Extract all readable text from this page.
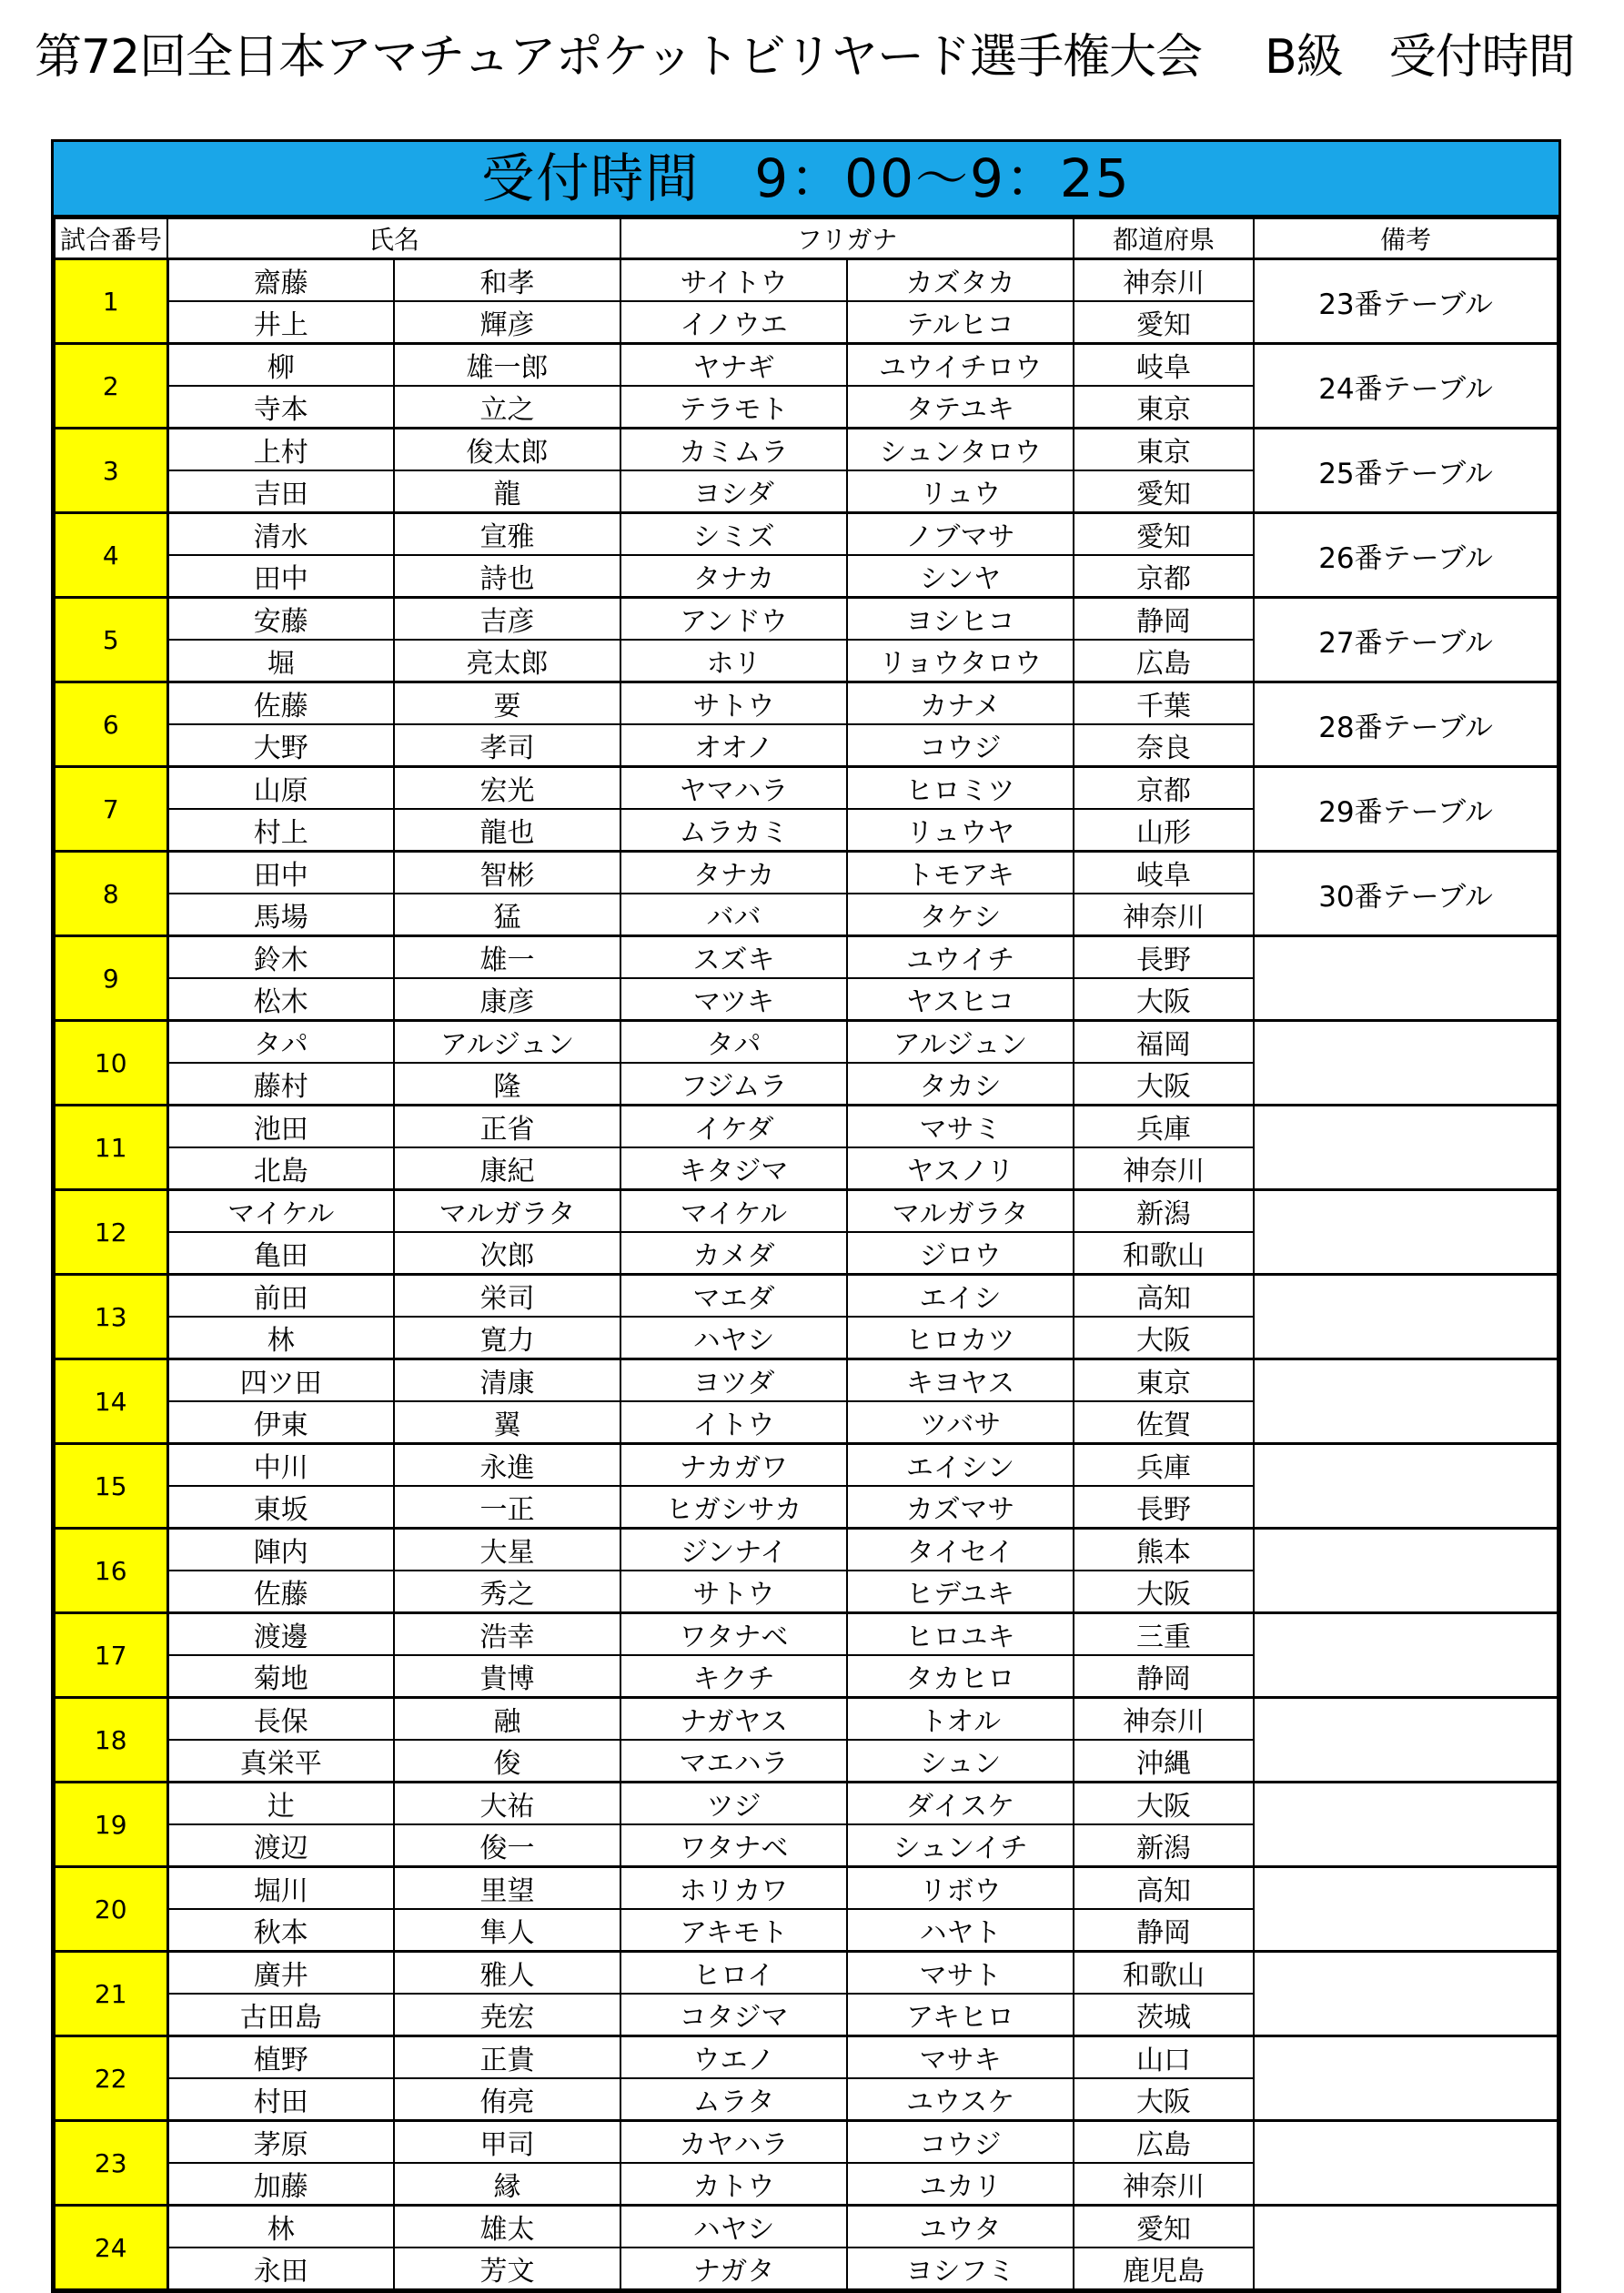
第72回全日本アマチュアポケットビリヤード選手権大会 B級　受付時間
受付時間　9：00～9：25
試合番号	氏名		フリガナ		都道府県	備考
1	齋藤	和孝	サイトウ	カズタカ	神奈川	23番テーブル
	井上	輝彦	イノウエ	テルヒコ	愛知	
2	柳	雄一郎	ヤナギ	ユウイチロウ	岐阜	24番テーブル
	寺本	立之	テラモト	タテユキ	東京	
3	上村	俊太郎	カミムラ	シュンタロウ	東京	25番テーブル
	吉田	龍	ヨシダ	リュウ	愛知	
4	清水	宣雅	シミズ	ノブマサ	愛知	26番テーブル
	田中	詩也	タナカ	シンヤ	京都	
5	安藤	吉彦	アンドウ	ヨシヒコ	静岡	27番テーブル
	堀	亮太郎	ホリ	リョウタロウ	広島	
6	佐藤	要	サトウ	カナメ	千葉	28番テーブル
	大野	孝司	オオノ	コウジ	奈良	
7	山原	宏光	ヤマハラ	ヒロミツ	京都	29番テーブル
	村上	龍也	ムラカミ	リュウヤ	山形	
8	田中	智彬	タナカ	トモアキ	岐阜	30番テーブル
	馬場	猛	ババ	タケシ	神奈川	
9	鈴木	雄一	スズキ	ユウイチ	長野	
	松木	康彦	マツキ	ヤスヒコ	大阪	
10	タパ	アルジュン	タパ	アルジュン	福岡	
	藤村	隆	フジムラ	タカシ	大阪	
11	池田	正省	イケダ	マサミ	兵庫	
	北島	康紀	キタジマ	ヤスノリ	神奈川	
12	マイケル	マルガラタ	マイケル	マルガラタ	新潟	
	亀田	次郎	カメダ	ジロウ	和歌山	
13	前田	栄司	マエダ	エイシ	高知	
	林	寛力	ハヤシ	ヒロカツ	大阪	
14	四ツ田	清康	ヨツダ	キヨヤス	東京	
	伊東	翼	イトウ	ツバサ	佐賀	
15	中川	永進	ナカガワ	エイシン	兵庫	
	東坂	一正	ヒガシサカ	カズマサ	長野	
16	陣内	大星	ジンナイ	タイセイ	熊本	
	佐藤	秀之	サトウ	ヒデユキ	大阪	
17	渡邊	浩幸	ワタナベ	ヒロユキ	三重	
	菊地	貴博	キクチ	タカヒロ	静岡	
18	長保	融	ナガヤス	トオル	神奈川	
	真栄平	俊	マエハラ	シュン	沖縄	
19	辻	大祐	ツジ	ダイスケ	大阪	
	渡辺	俊一	ワタナベ	シュンイチ	新潟	
20	堀川	里望	ホリカワ	リボウ	高知	
	秋本	隼人	アキモト	ハヤト	静岡	
21	廣井	雅人	ヒロイ	マサト	和歌山	
	古田島	尭宏	コタジマ	アキヒロ	茨城	
22	植野	正貴	ウエノ	マサキ	山口	
	村田	侑亮	ムラタ	ユウスケ	大阪	
23	茅原	甲司	カヤハラ	コウジ	広島	
	加藤	縁	カトウ	ユカリ	神奈川	
24	林	雄太	ハヤシ	ユウタ	愛知	
	永田	芳文	ナガタ	ヨシフミ	鹿児島	
